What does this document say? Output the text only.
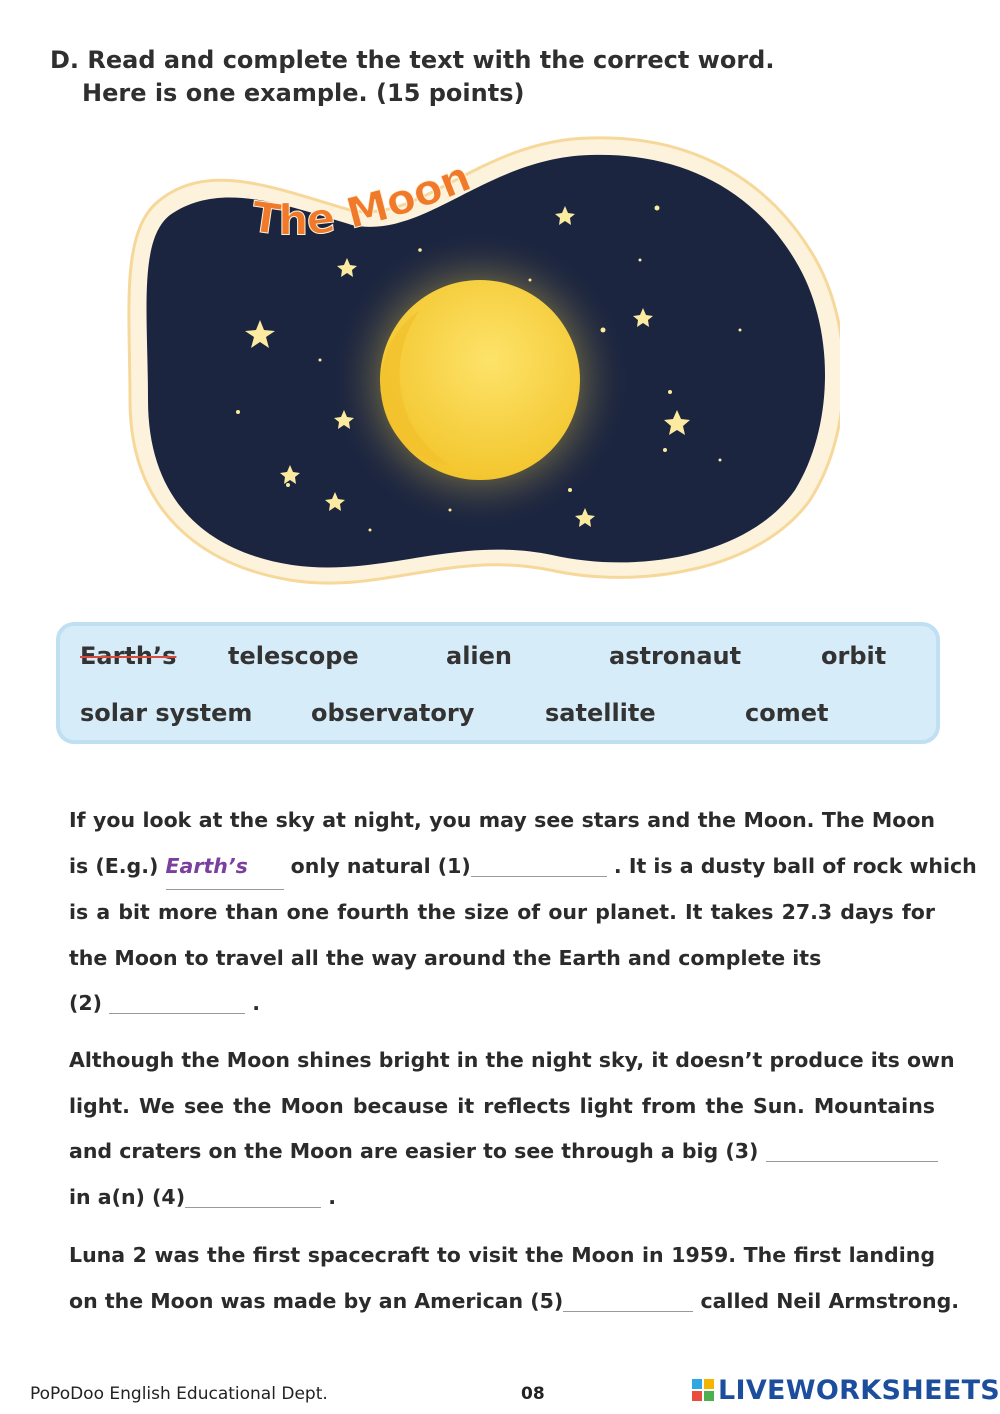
D. Read and complete the text with the correct word.
Here is one example. (15 points)
The Moon
Earth’s telescope	alien	astronaut	orbit
solar system observatory	satellite	comet
If you look at the sky at night, you may see stars and the Moon. The Moon
is (E.g.) Earth’s only natural (1)	. It is a dusty ball of rock which
is a bit more than one fourth the size of our planet. It takes 27.3 days for
the Moon to travel all the way around the Earth and complete its
(2)	.
Although the Moon shines bright in the night sky, it doesn’t produce its own
light. We see the Moon because it reflects light from the Sun. Mountains
and craters on the Moon are easier to see through a big (3)
in a(n) (4)	.
Luna 2 was the first spacecraft to visit the Moon in 1959. The first landing
on the Moon was made by an American (5)	called Neil Armstrong.
PoPoDoo English Educational Dept.	08	LIVEWORKSHEETS
